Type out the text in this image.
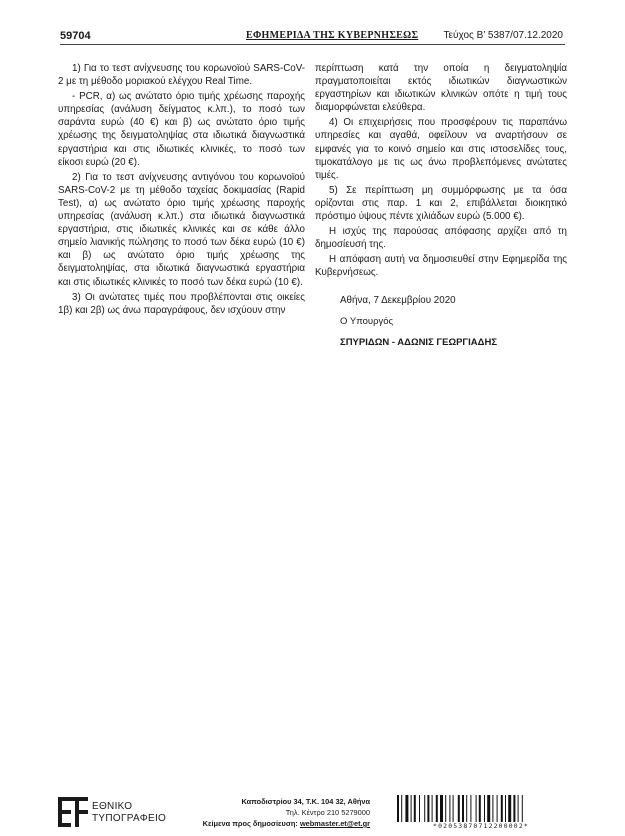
59704	ΕΦΗΜΕΡΙΔΑ ΤΗΣ ΚΥΒΕΡΝΗΣΕΩΣ	Τεύχος Β’ 5387/07.12.2020

1) Για το τεστ ανίχνευσης του κορωνοϊού SARS-CoV-2 με τη μέθοδο μοριακού ελέγχου Real Time.

- PCR, α) ως ανώτατο όριο τιμής χρέωσης παροχής υπηρεσίας (ανάλυση δείγματος κ.λπ.), το ποσό των σαράντα ευρώ (40 €) και β) ως ανώτατο όριο τιμής χρέωσης της δειγματοληψίας στα ιδιωτικά διαγνωστικά εργαστήρια και στις ιδιωτικές κλινικές, το ποσό των είκοσι ευρώ (20 €).

2) Για το τεστ ανίχνευσης αντιγόνου του κορωνοϊού SARS-CoV-2 με τη μέθοδο ταχείας δοκιμασίας (Rapid Test), α) ως ανώτατο όριο τιμής χρέωσης παροχής υπηρεσίας (ανάλυση κ.λπ.) στα ιδιωτικά διαγνωστικά εργαστήρια, στις ιδιωτικές κλινικές και σε κάθε άλλο σημείο λιανικής πώλησης το ποσό των δέκα ευρώ (10 €) και β) ως ανώτατο όριο τιμής χρέωσης της δειγματοληψίας, στα ιδιωτικά διαγνωστικά εργαστήρια και στις ιδιωτικές κλινικές το ποσό των δέκα ευρώ (10 €).

3) Οι ανώτατες τιμές που προβλέπονται στις οικείες 1β) και 2β) ως άνω παραγράφους, δεν ισχύουν στην

περίπτωση κατά την οποία η δειγματοληψία πραγματοποιείται εκτός ιδιωτικών διαγνωστικών εργαστηρίων και ιδιωτικών κλινικών οπότε η τιμή τους διαμορφώνεται ελεύθερα.

4) Οι επιχειρήσεις που προσφέρουν τις παραπάνω υπηρεσίες και αγαθά, οφείλουν να αναρτήσουν σε εμφανές για το κοινό σημείο και στις ιστοσελίδες τους, τιμοκατάλογο με τις ως άνω προβλεπόμενες ανώτατες τιμές.

5) Σε περίπτωση μη συμμόρφωσης με τα όσα ορίζονται στις παρ. 1 και 2, επιβάλλεται διοικητικό πρόστιμο ύψους πέντε χιλιάδων ευρώ (5.000 €).

Η ισχύς της παρούσας απόφασης αρχίζει από τη δημοσίευσή της.

Η απόφαση αυτή να δημοσιευθεί στην Εφημερίδα της Κυβερνήσεως.

Αθήνα, 7 Δεκεμβρίου 2020
Ο Υπουργός
ΣΠΥΡΙΔΩΝ - ΑΔΩΝΙΣ ΓΕΩΡΓΙΑΔΗΣ
ΕΘΝΙΚΟ
ΤΥΠΟΓΡΑΦΕΙΟ
Καποδιστρίου 34, Τ.Κ. 104 32, Αθήνα
Τηλ. Κέντρο 210 5279000
Κείμενα προς δημοσίευση: webmaster.et@et.gr	*02053870712200002*
